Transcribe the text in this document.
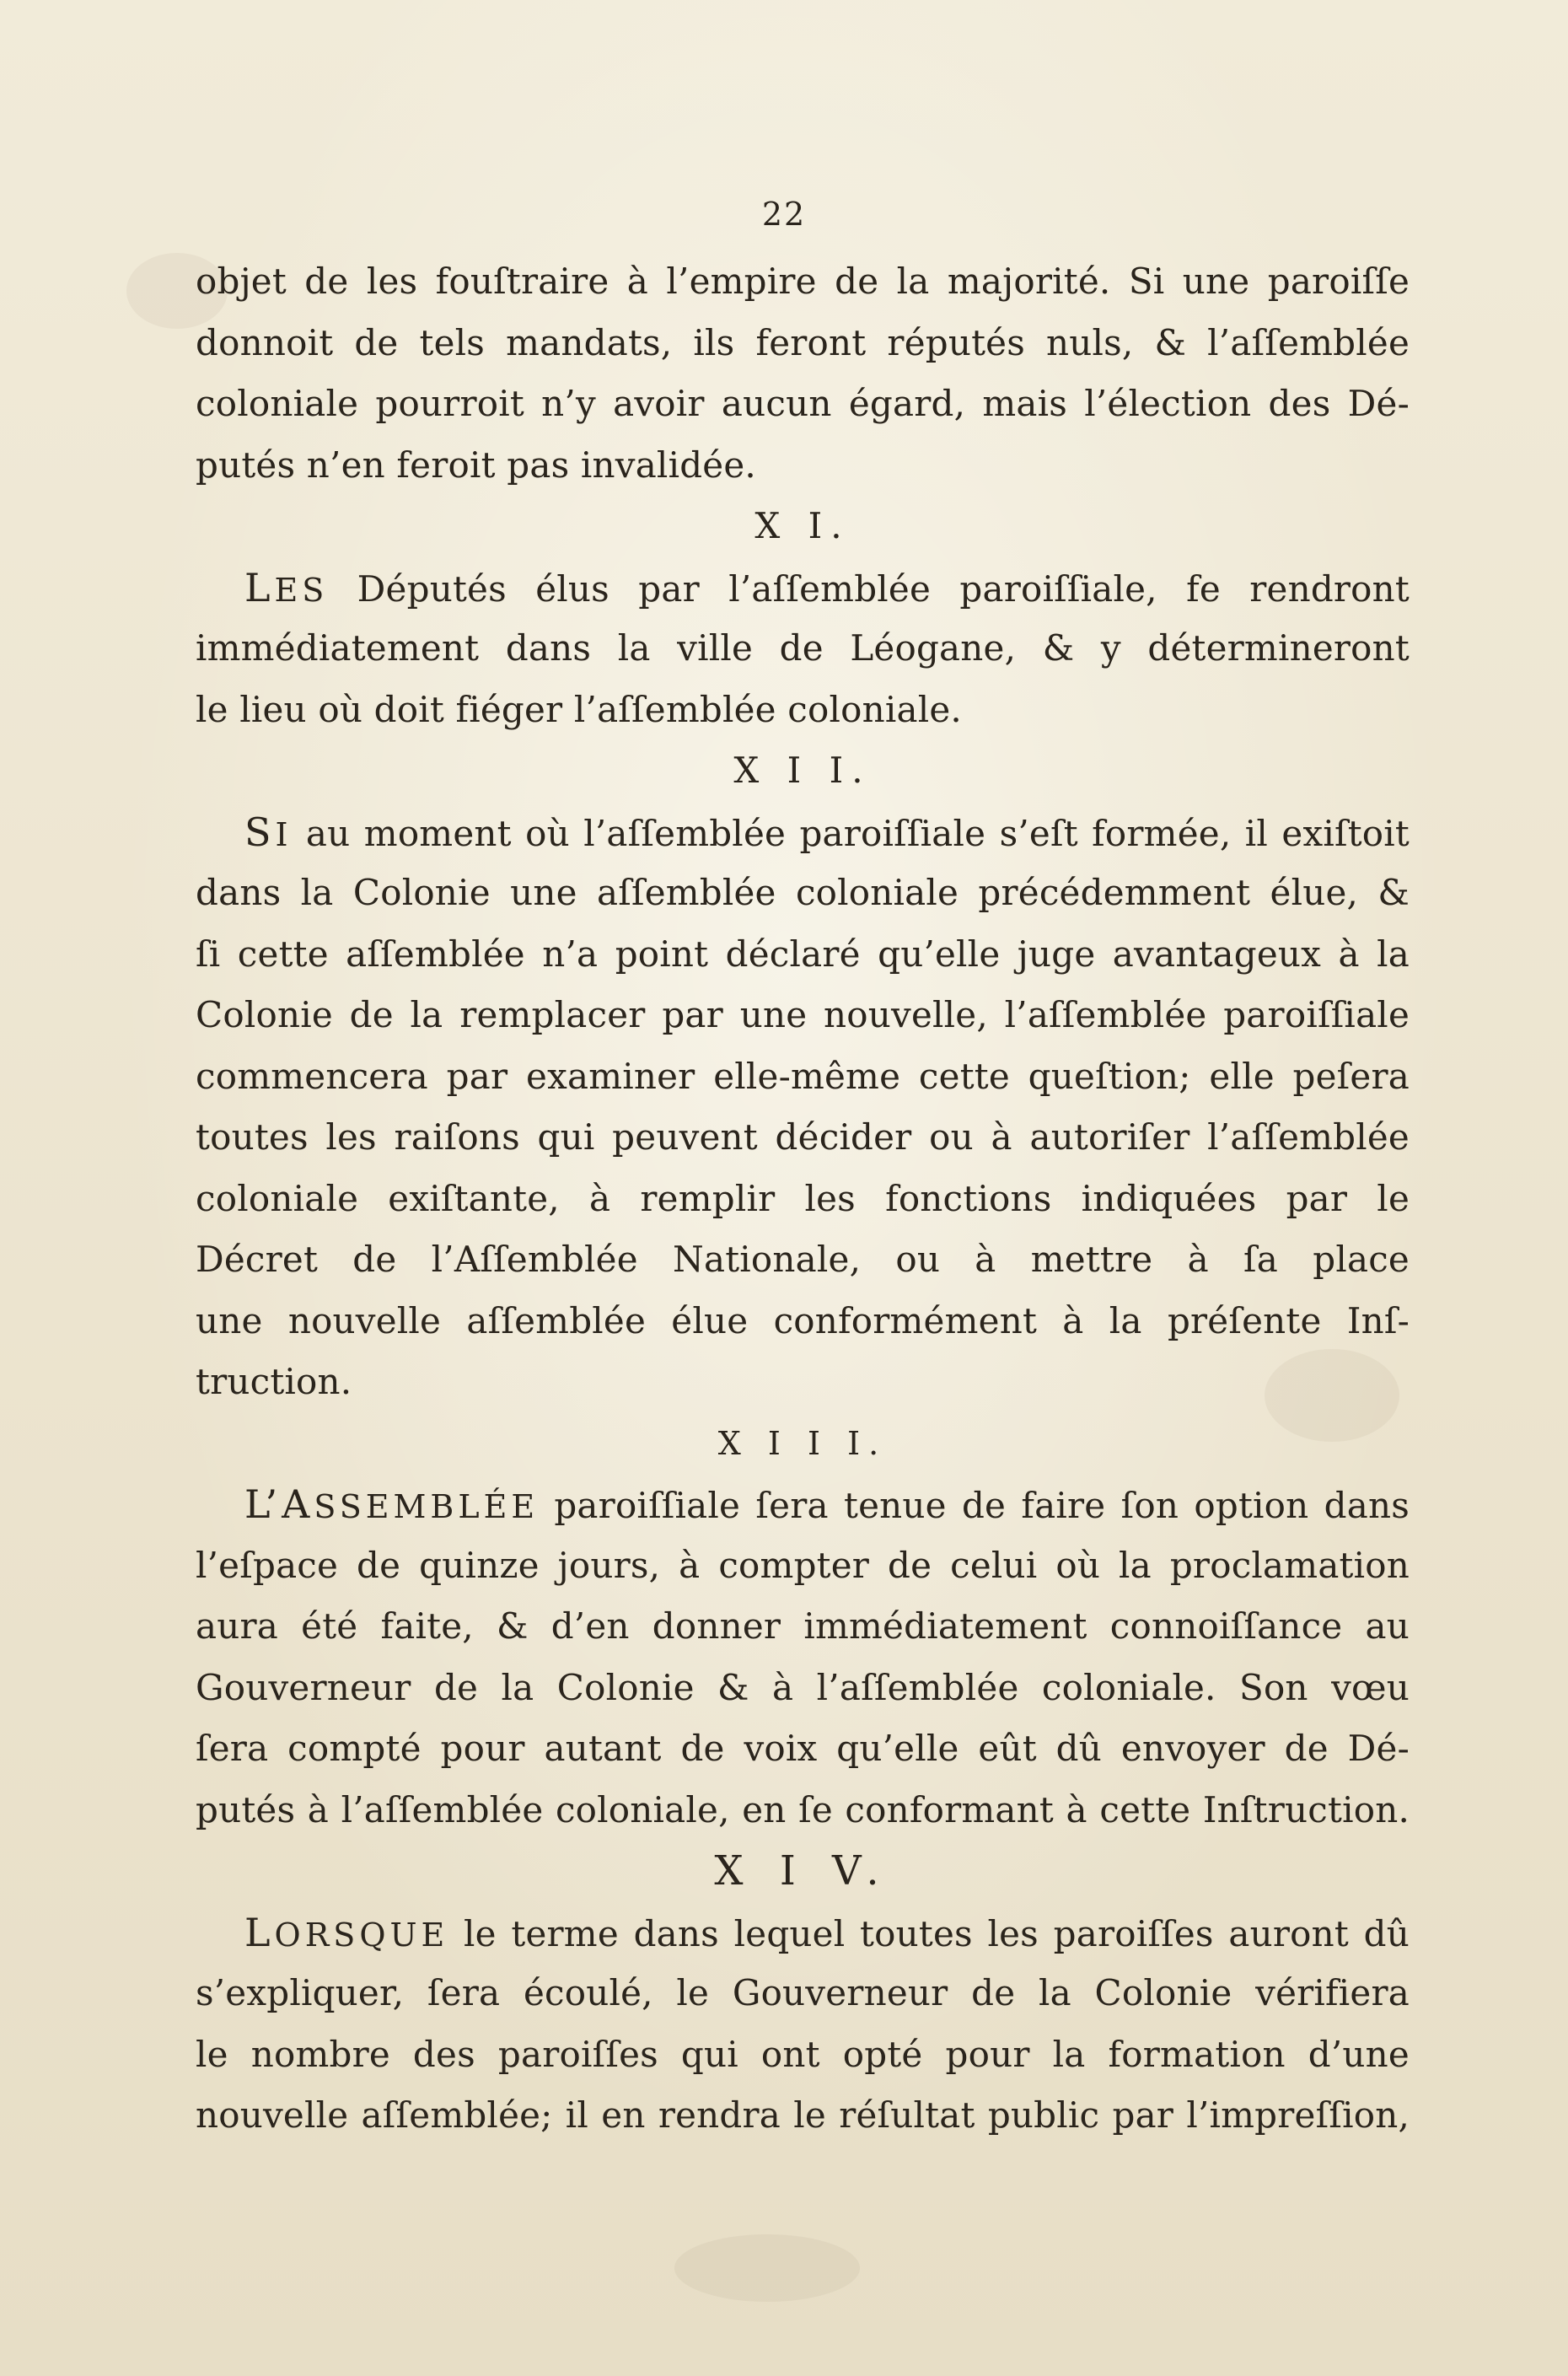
22
objet de les fouſtraire à l’empire de la majorité. Si une paroiſſe
donnoit de tels mandats, ils feront réputés nuls, & l’aſſemblée
coloniale pourroit n’y avoir aucun égard, mais l’élection des Dé-
putés n’en feroit pas invalidée.
X I.
LES Députés élus par l’aſſemblée paroiſſiale, fe rendront
immédiatement dans la ville de Léogane, & y détermineront
le lieu où doit fiéger l’aſſemblée coloniale.
X I I.
SI au moment où l’aſſemblée paroiſſiale s’eſt formée, il exiſtoit
dans la Colonie une aſſemblée coloniale précédemment élue, &
ſi cette aſſemblée n’a point déclaré qu’elle juge avantageux à la
Colonie de la remplacer par une nouvelle, l’aſſemblée paroiſſiale
commencera par examiner elle-même cette queſtion; elle peſera
toutes les raiſons qui peuvent décider ou à autoriſer l’aſſemblée
coloniale exiſtante, à remplir les fonctions indiquées par le
Décret de l’Aſſemblée Nationale, ou à mettre à ſa place
une nouvelle aſſemblée élue conformément à la préſente Inſ-
truction.
X I I I.
L’ASSEMBLÉE paroiſſiale ſera tenue de faire ſon option dans
l’eſpace de quinze jours, à compter de celui où la proclamation
aura été faite, & d’en donner immédiatement connoiſſance au
Gouverneur de la Colonie & à l’aſſemblée coloniale. Son vœu
ſera compté pour autant de voix qu’elle eût dû envoyer de Dé-
putés à l’aſſemblée coloniale, en ſe conformant à cette Inſtruction.
X I V.
LORSQUE le terme dans lequel toutes les paroiſſes auront dû
s’expliquer, ſera écoulé, le Gouverneur de la Colonie vérifiera
le nombre des paroiſſes qui ont opté pour la formation d’une
nouvelle aſſemblée; il en rendra le réſultat public par l’impreſſion,
